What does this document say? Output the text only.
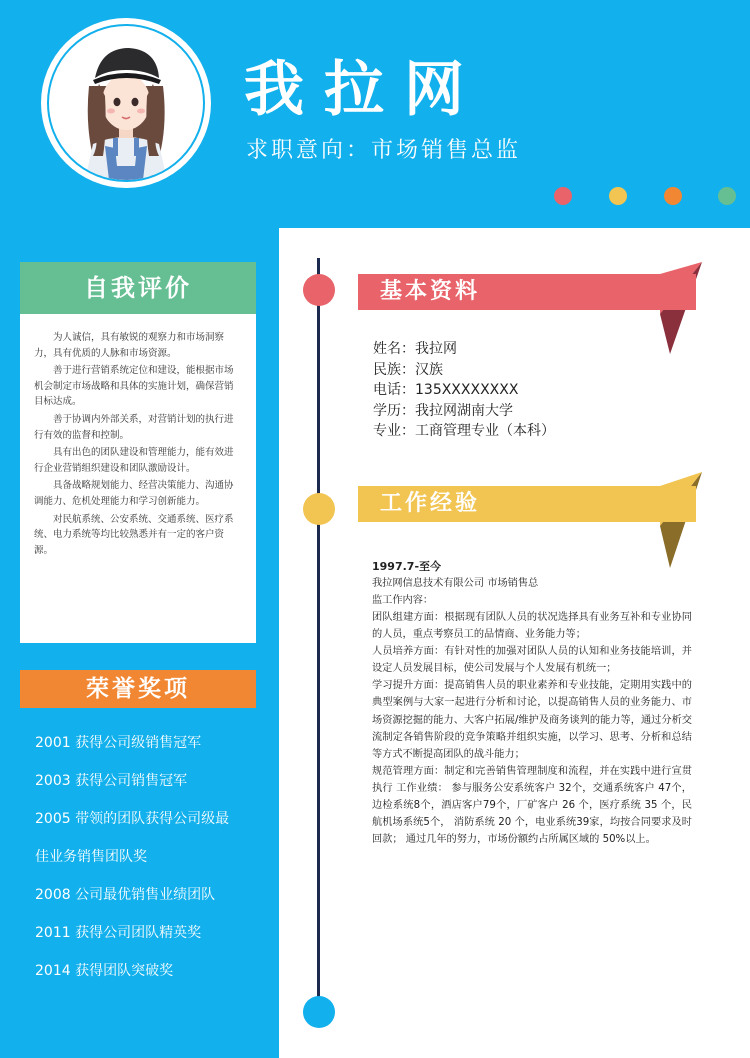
我拉网
求职意向：市场销售总监
自我评价

为人诚信，具有敏锐的观察力和市场洞察力，具有优质的人脉和市场资源。

善于进行营销系统定位和建设，能根据市场机会制定市场战略和具体的实施计划，确保营销目标达成。

善于协调内外部关系，对营销计划的执行进行有效的监督和控制。

具有出色的团队建设和管理能力，能有效进行企业营销组织建设和团队激励设计。

具备战略规划能力、经营决策能力、沟通协调能力、危机处理能力和学习创新能力。

对民航系统、公安系统、交通系统、医疗系统、电力系统等均比较熟悉并有一定的客户资源。

荣誉奖项
2001 获得公司级销售冠军
2003 获得公司销售冠军
2005 带领的团队获得公司级最
佳业务销售团队奖
2008 公司最优销售业绩团队
2011 获得公司团队精英奖
2014 获得团队突破奖
基本资料
姓名：我拉网
民族：汉族
电话：135XXXXXXXX
学历：我拉网湖南大学
专业：工商管理专业（本科）
工作经验
1997.7-至今
我拉网信息技术有限公司 市场销售总
监工作内容：

团队组建方面：根据现有团队人员的状况选择具有业务互补和专业协同的人员，重点考察员工的品情商、业务能力等；

人员培养方面：有针对性的加强对团队人员的认知和业务技能培训，并设定人员发展目标，使公司发展与个人发展有机统一；

学习提升方面：提高销售人员的职业素养和专业技能，定期用实践中的典型案例与大家一起进行分析和讨论，以提高销售人员的业务能力、市场资源挖掘的能力、大客户拓展/维护及商务谈判的能力等，通过分析交流制定各销售阶段的竞争策略并组织实施，以学习、思考、分析和总结等方式不断提高团队的战斗能力；

规范管理方面：制定和完善销售管理制度和流程，并在实践中进行宣贯执行 工作业绩： 参与服务公安系统客户 32个，交通系统客户 47个，边检系统8个，酒店客户79个，厂矿客户 26 个，医疗系统 35 个，民航机场系统5个， 消防系统 20 个，电业系统39家，均按合同要求及时回款； 通过几年的努力，市场份额约占所属区域的 50%以上。
